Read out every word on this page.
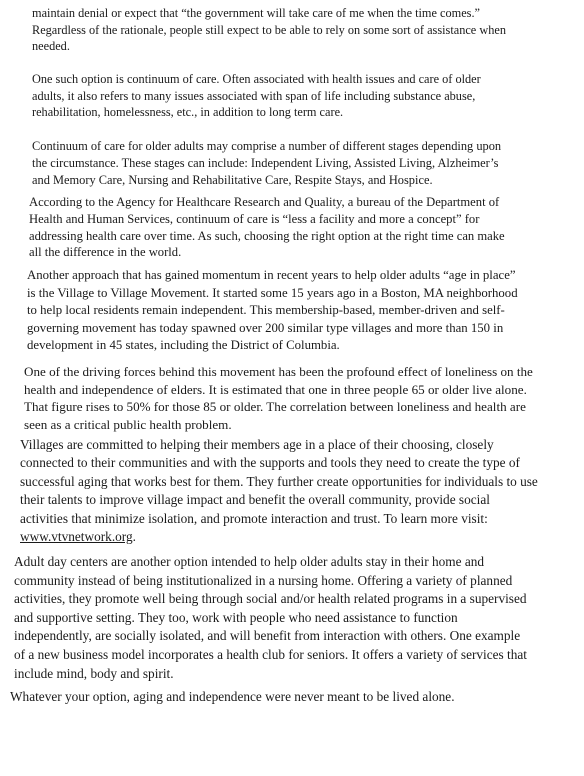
maintain denial or expect that “the government will take care of me when the time comes.”
Regardless of the rationale, people still expect to be able to rely on some sort of assistance when
needed.

One such option is continuum of care. Often associated with health issues and care of older
adults, it also refers to many issues associated with span of life including substance abuse,
rehabilitation, homelessness, etc., in addition to long term care.

Continuum of care for older adults may comprise a number of different stages depending upon
the circumstance. These stages can include: Independent Living, Assisted Living, Alzheimer’s
and Memory Care, Nursing and Rehabilitative Care, Respite Stays, and Hospice.

According to the Agency for Healthcare Research and Quality, a bureau of the Department of
Health and Human Services, continuum of care is “less a facility and more a concept” for
addressing health care over time. As such, choosing the right option at the right time can make
all the difference in the world.

Another approach that has gained momentum in recent years to help older adults “age in place”
is the Village to Village Movement. It started some 15 years ago in a Boston, MA neighborhood
to help local residents remain independent. This membership-based, member-driven and self-
governing movement has today spawned over 200 similar type villages and more than 150 in
development in 45 states, including the District of Columbia.

One of the driving forces behind this movement has been the profound effect of loneliness on the
health and independence of elders. It is estimated that one in three people 65 or older live alone.
That figure rises to 50% for those 85 or older. The correlation between loneliness and health are
seen as a critical public health problem.

Villages are committed to helping their members age in a place of their choosing, closely
connected to their communities and with the supports and tools they need to create the type of
successful aging that works best for them. They further create opportunities for individuals to use
their talents to improve village impact and benefit the overall community, provide social
activities that minimize isolation, and promote interaction and trust. To learn more visit:
www.vtvnetwork.org.

Adult day centers are another option intended to help older adults stay in their home and
community instead of being institutionalized in a nursing home. Offering a variety of planned
activities, they promote well being through social and/or health related programs in a supervised
and supportive setting. They too, work with people who need assistance to function
independently, are socially isolated, and will benefit from interaction with others. One example
of a new business model incorporates a health club for seniors. It offers a variety of services that
include mind, body and spirit.

Whatever your option, aging and independence were never meant to be lived alone.
